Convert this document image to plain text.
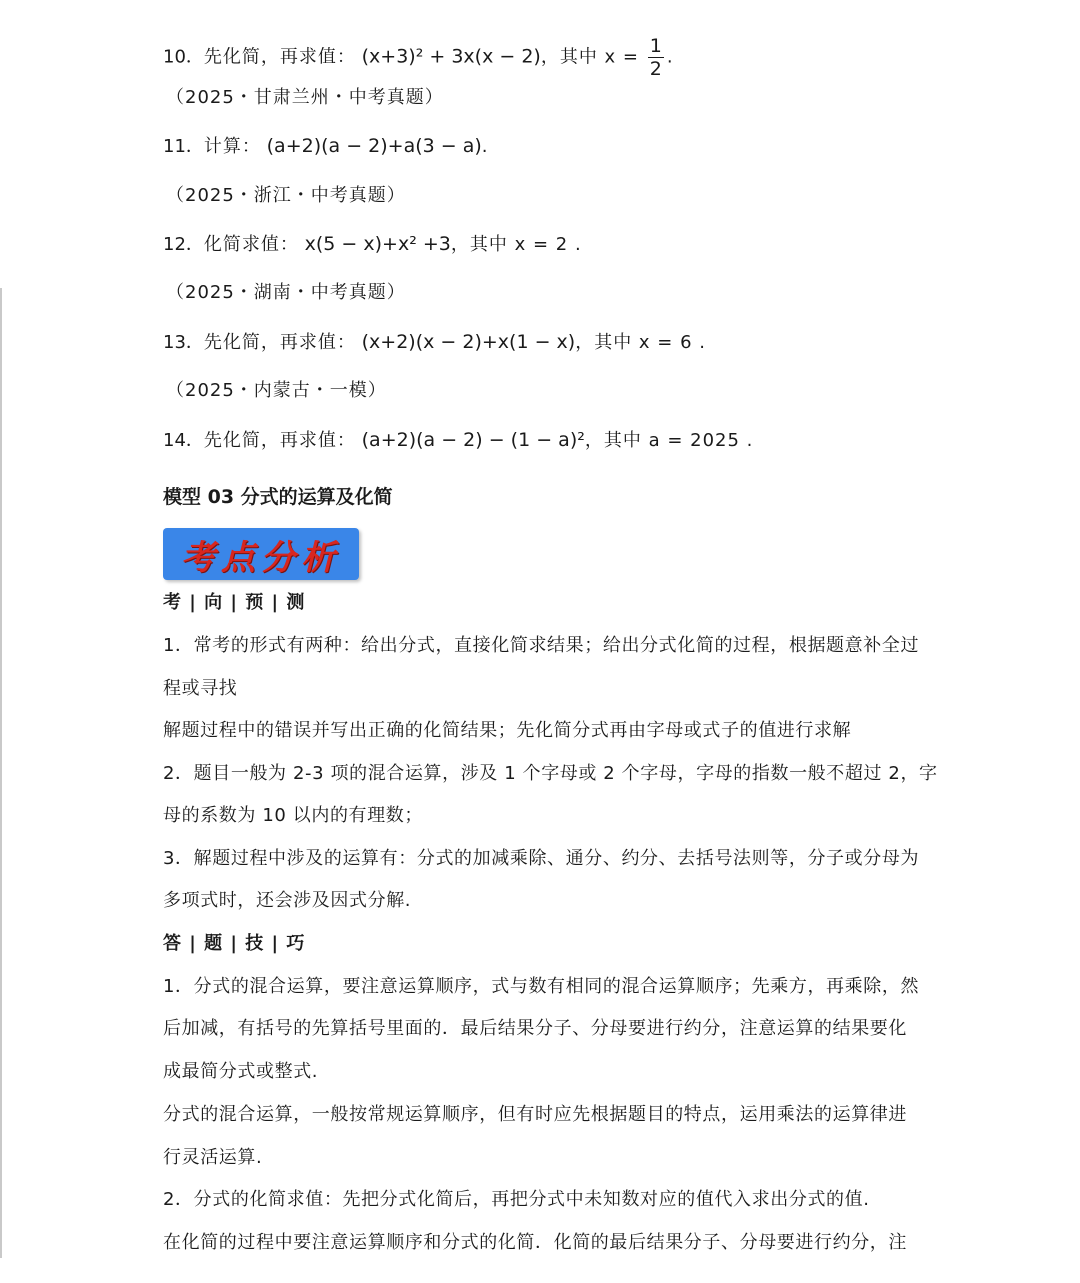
10．先化简，再求值： (x+3)² + 3x(x − 2)，其中 $x = \frac{1}{2}$ .
（2025・甘肃兰州・中考真题）
11．计算： (a+2)(a − 2)+a(3 − a).
（2025・浙江・中考真题）
12．化简求值： x(5 − x)+x² +3，其中 x = 2 .
（2025・湖南・中考真题）
13．先化简，再求值： (x+2)(x − 2)+x(1 − x)，其中 x = 6 .
（2025・内蒙古・一模）
14．先化简，再求值： (a+2)(a − 2) − (1 − a)²，其中 a = 2025 .
模型 03 分式的运算及化简
考点分析
考 | 向 | 预 | 测
1．常考的形式有两种：给出分式，直接化简求结果；给出分式化简的过程，根据题意补全过
程或寻找
解题过程中的错误并写出正确的化简结果；先化简分式再由字母或式子的值进行求解
2．题目一般为 2-3 项的混合运算，涉及 1 个字母或 2 个字母，字母的指数一般不超过 2，字
母的系数为 10 以内的有理数；
3．解题过程中涉及的运算有：分式的加减乘除、通分、约分、去括号法则等，分子或分母为
多项式时，还会涉及因式分解.
答 | 题 | 技 | 巧
1．分式的混合运算，要注意运算顺序，式与数有相同的混合运算顺序；先乘方，再乘除，然
后加减，有括号的先算括号里面的．最后结果分子、分母要进行约分，注意运算的结果要化
成最简分式或整式.
分式的混合运算，一般按常规运算顺序，但有时应先根据题目的特点，运用乘法的运算律进
行灵活运算.
2．分式的化简求值：先把分式化简后，再把分式中未知数对应的值代入求出分式的值.
在化简的过程中要注意运算顺序和分式的化简．化简的最后结果分子、分母要进行约分，注
